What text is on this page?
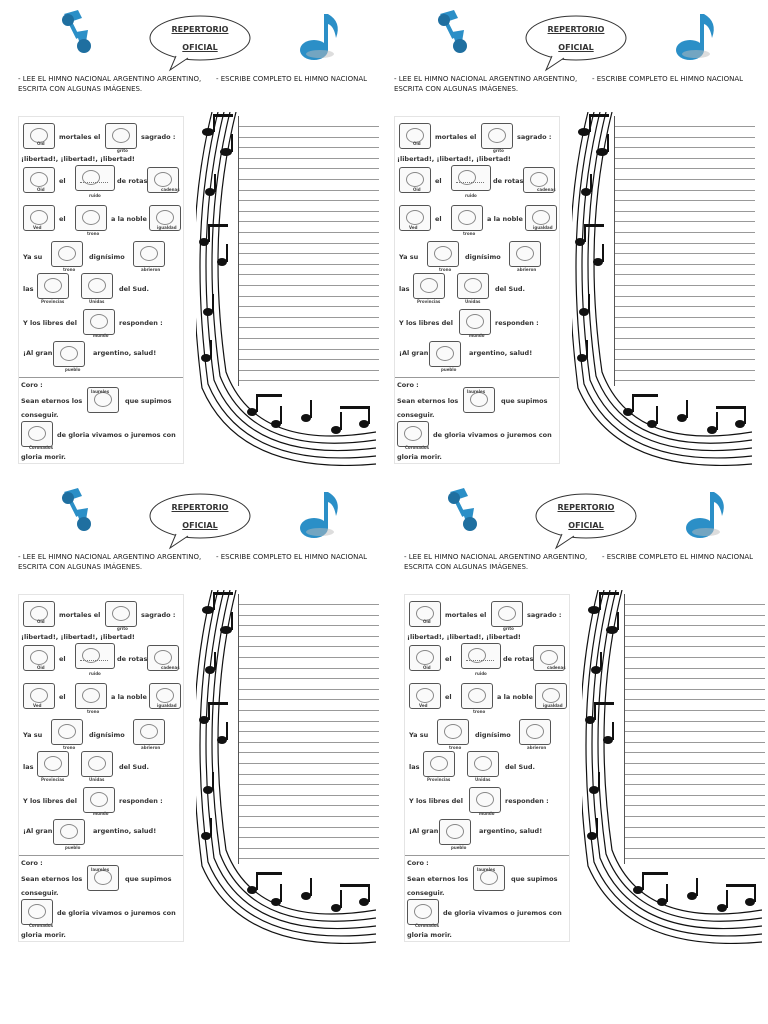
REPERTORIO
OFICIAL
- LEE EL HIMNO NACIONAL ARGENTINO ARGENTINO, ESCRITA CON ALGUNAS IMÁGENES.
- ESCRIBE COMPLETO EL HIMNO NACIONAL
Oid
mortales el
grito
sagrado :
¡libertad!, ¡libertad!, ¡libertad!
Oid
el
ruido
de rotas
cadenas
Ved
el
trono
a la noble
igualdad
Ya su
trono
dignísimo
abrieron
las
Provincias	Unidas
del Sud.
Y los libres del
mundo
responden :
¡Al gran
pueblo
argentino, salud!
Coro :
Sean eternos los
laureles
que supimos
conseguir.
Coronados
de gloria vivamos o juremos con
gloria morir.
REPERTORIO
OFICIAL
- LEE EL HIMNO NACIONAL ARGENTINO ARGENTINO, ESCRITA CON ALGUNAS IMÁGENES.
- ESCRIBE COMPLETO EL HIMNO NACIONAL
Oid
mortales el
grito
sagrado :
¡libertad!, ¡libertad!, ¡libertad!
Oid
el
ruido
de rotas
cadenas
Ved
el
trono
a la noble
igualdad
Ya su
trono
dignísimo
abrieron
las
Provincias	Unidas
del Sud.
Y los libres del
mundo
responden :
¡Al gran
pueblo
argentino, salud!
Coro :
Sean eternos los
laureles
que supimos
conseguir.
Coronados
de gloria vivamos o juremos con
gloria morir.
REPERTORIO
OFICIAL
- LEE EL HIMNO NACIONAL ARGENTINO ARGENTINO, ESCRITA CON ALGUNAS IMÁGENES.
- ESCRIBE COMPLETO EL HIMNO NACIONAL
Oid
mortales el
grito
sagrado :
¡libertad!, ¡libertad!, ¡libertad!
Oid
el
ruido
de rotas
cadenas
Ved
el
trono
a la noble
igualdad
Ya su
trono
dignísimo
abrieron
las
Provincias	Unidas
del Sud.
Y los libres del
mundo
responden :
¡Al gran
pueblo
argentino, salud!
Coro :
Sean eternos los
laureles
que supimos
conseguir.
Coronados
de gloria vivamos o juremos con
gloria morir.
REPERTORIO
OFICIAL
- LEE EL HIMNO NACIONAL ARGENTINO ARGENTINO, ESCRITA CON ALGUNAS IMÁGENES.
- ESCRIBE COMPLETO EL HIMNO NACIONAL
Oid
mortales el
grito
sagrado :
¡libertad!, ¡libertad!, ¡libertad!
Oid
el
ruido
de rotas
cadenas
Ved
el
trono
a la noble
igualdad
Ya su
trono
dignísimo
abrieron
las
Provincias	Unidas
del Sud.
Y los libres del
mundo
responden :
¡Al gran
pueblo
argentino, salud!
Coro :
Sean eternos los
laureles
que supimos
conseguir.
Coronados
de gloria vivamos o juremos con
gloria morir.
